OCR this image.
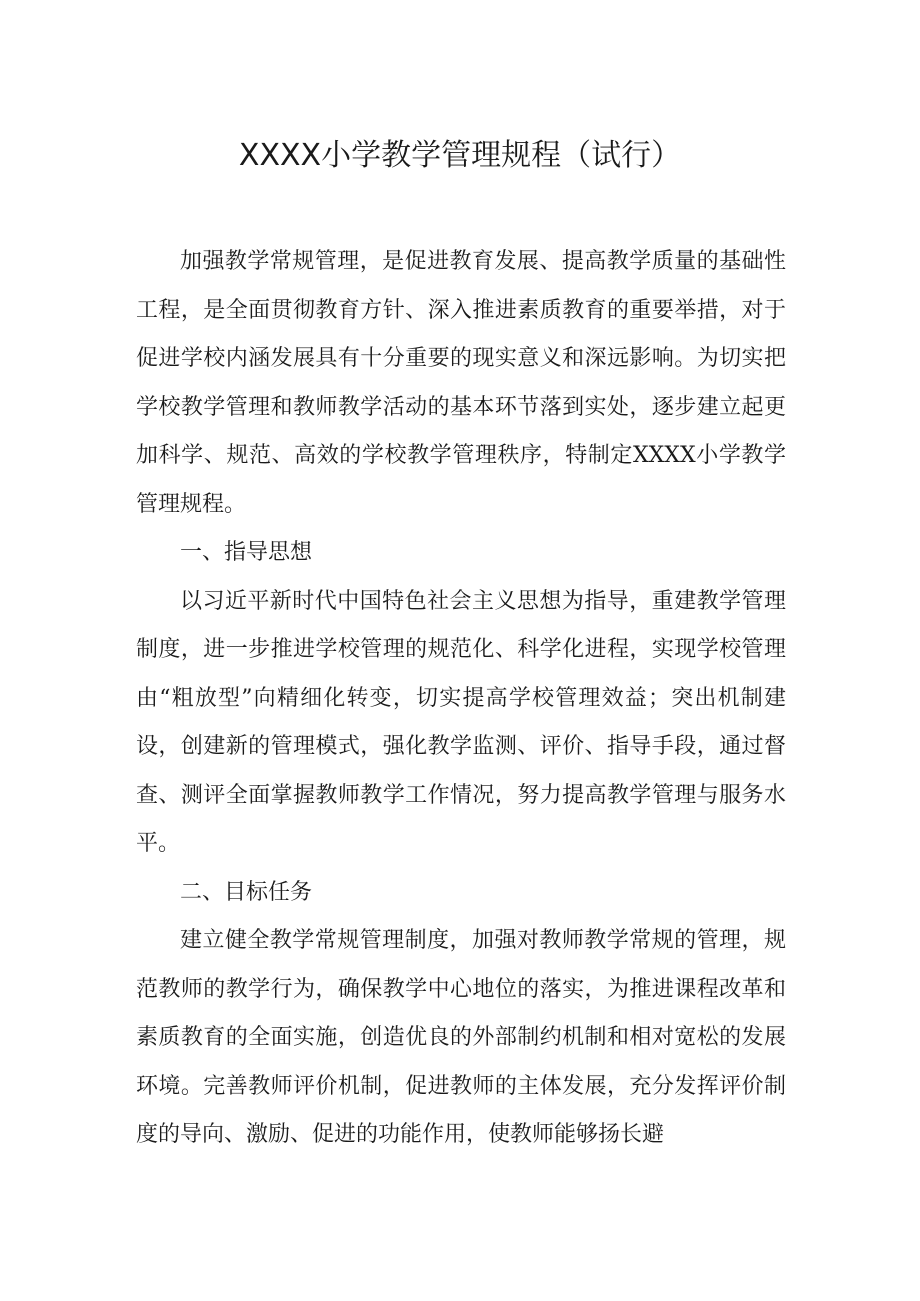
XXXX小学教学管理规程（试行）

加强教学常规管理，是促进教育发展、提高教学质量的基础性工程，是全面贯彻教育方针、深入推进素质教育的重要举措，对于促进学校内涵发展具有十分重要的现实意义和深远影响。为切实把学校教学管理和教师教学活动的基本环节落到实处，逐步建立起更加科学、规范、高效的学校教学管理秩序，特制定XXXX小学教学管理规程。

一、指导思想

以习近平新时代中国特色社会主义思想为指导，重建教学管理制度，进一步推进学校管理的规范化、科学化进程，实现学校管理由“粗放型”向精细化转变，切实提高学校管理效益；突出机制建设，创建新的管理模式，强化教学监测、评价、指导手段，通过督查、测评全面掌握教师教学工作情况，努力提高教学管理与服务水平。

二、目标任务

建立健全教学常规管理制度，加强对教师教学常规的管理，规范教师的教学行为，确保教学中心地位的落实，为推进课程改革和素质教育的全面实施，创造优良的外部制约机制和相对宽松的发展环境。完善教师评价机制，促进教师的主体发展，充分发挥评价制度的导向、激励、促进的功能作用，使教师能够扬长避
